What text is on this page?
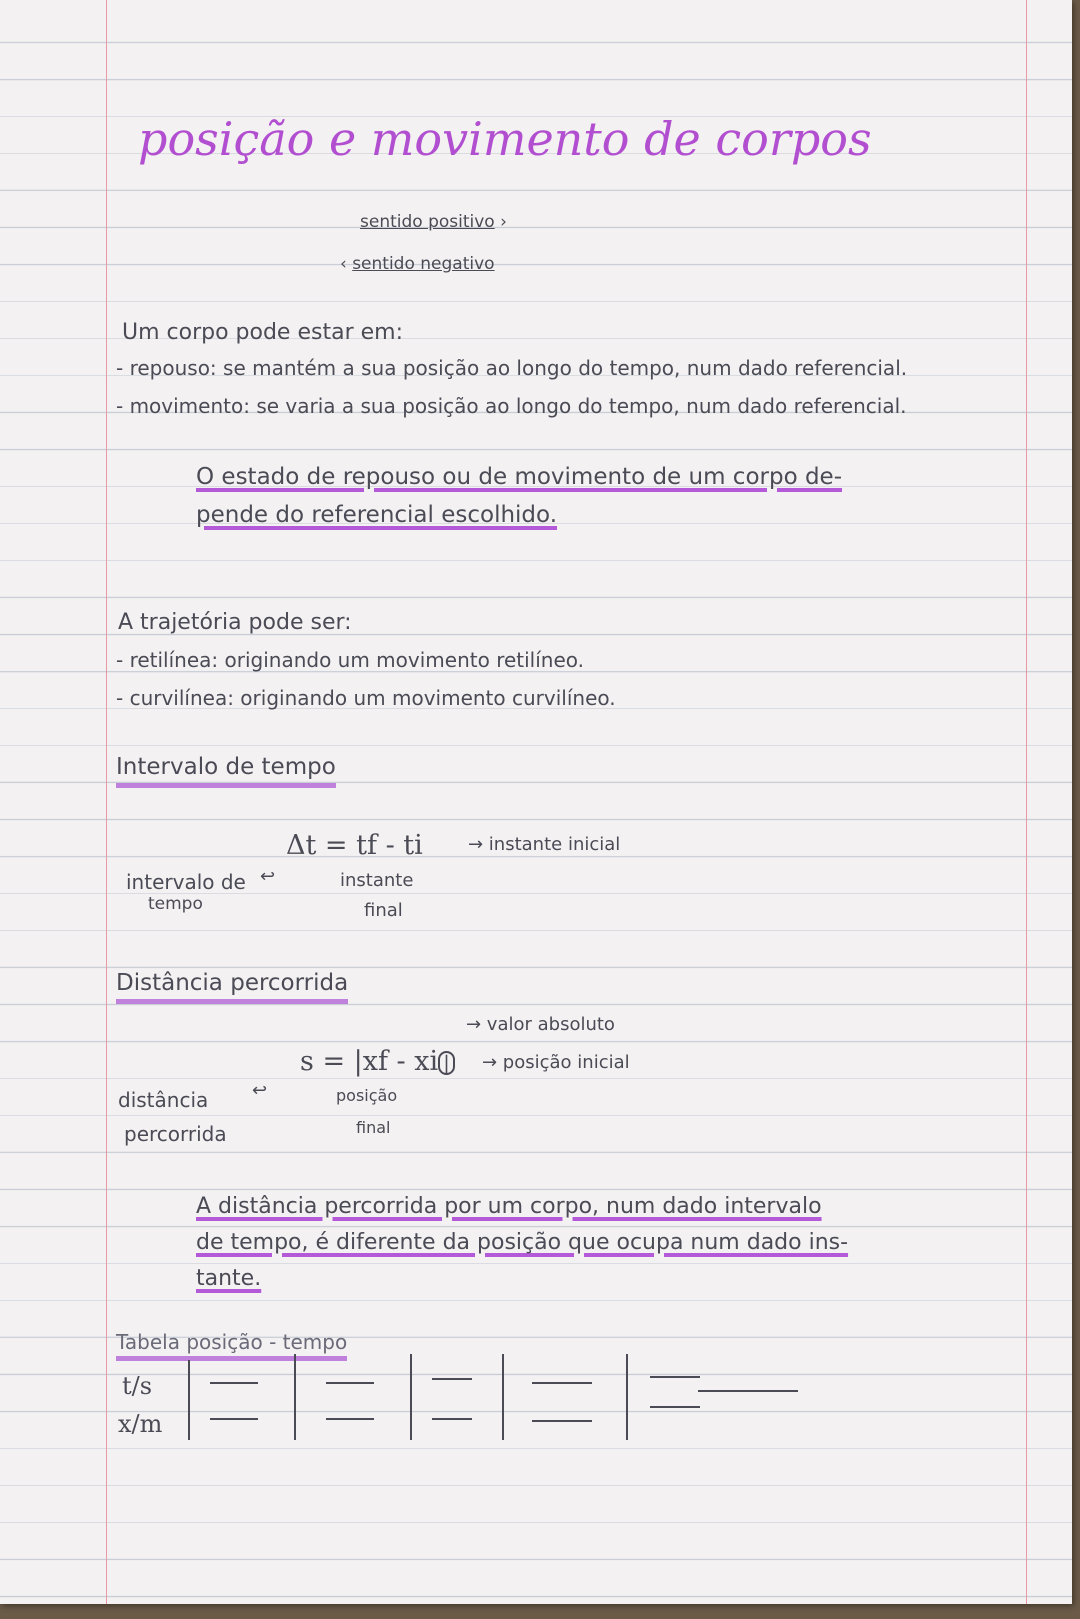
posição e movimento de corpos
sentido positivo ›
‹ sentido negativo
Um corpo pode estar em:
- repouso: se mantém a sua posição ao longo do tempo, num dado referencial.
- movimento: se varia a sua posição ao longo do tempo, num dado referencial.
O estado de repouso ou de movimento de um corpo de-
pende do referencial escolhido.
A trajetória pode ser:
- retilínea: originando um movimento retilíneo.
- curvilínea: originando um movimento curvilíneo.
Intervalo de tempo
Δt = tf - ti	→ instante inicial
instante
final
intervalo de
tempo
↩
Distância percorrida
→ valor absoluto
s = |xf - xi | → posição inicial
posição
final
distância
percorrida
↩
A distância percorrida por um corpo, num dado intervalo
de tempo, é diferente da posição que ocupa num dado ins-
tante.
Tabela posição - tempo
t/s
x/m
